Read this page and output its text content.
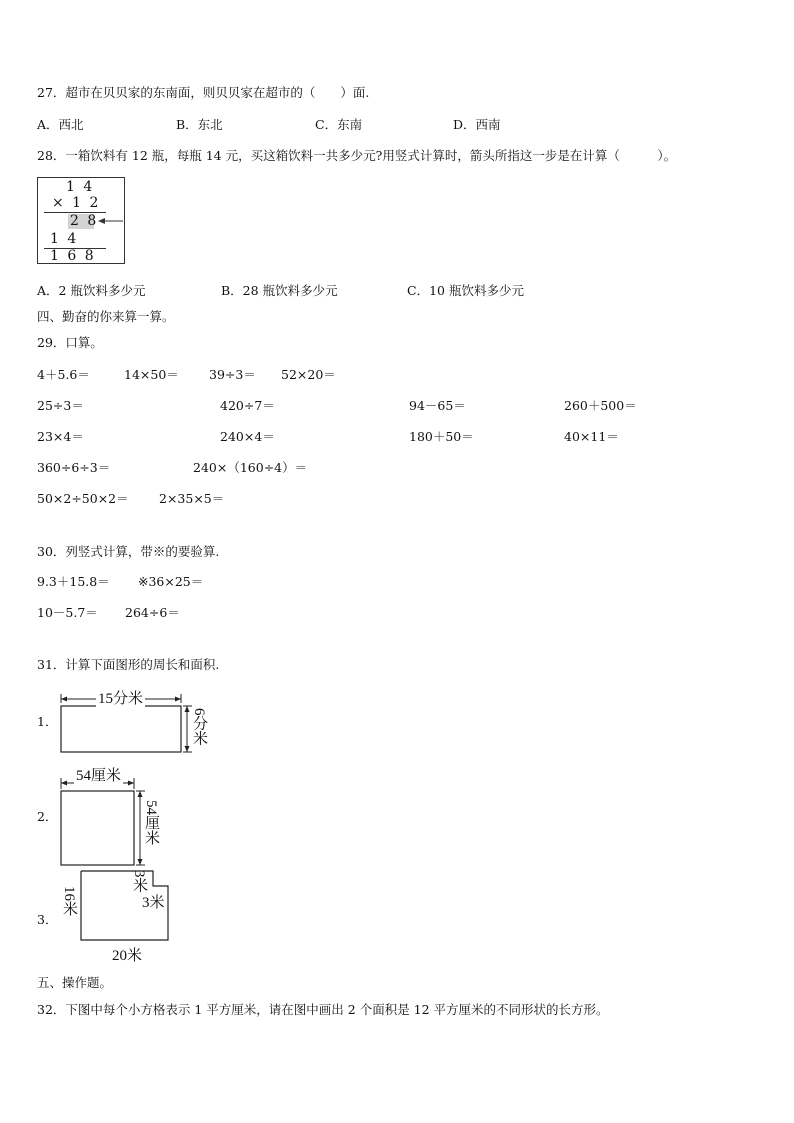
27．超市在贝贝家的东南面，则贝贝家在超市的（　　）面.
A．西北	B．东北	C．东南	D．西南
28．一箱饮料有 12 瓶，每瓶 14 元，买这箱饮料一共多少元?用竖式计算时，箭头所指这一步是在计算（　　　）。
1 4
× 1 2
2 8
1 4
1 6 8
A．2 瓶饮料多少元	B．28 瓶饮料多少元	C．10 瓶饮料多少元
四、勤奋的你来算一算。
29．口算。
4＋5.6＝	14×50＝ 39÷3＝ 52×20＝
25÷3＝	420÷7＝	94－65＝	260＋500＝
23×4＝	240×4＝	180＋50＝	40×11＝
360÷6÷3＝	240×（160÷4）＝
50×2÷50×2＝ 2×35×5＝
30．列竖式计算，带※的要验算.
9.3＋15.8＝ ※36×25＝
10－5.7＝ 264÷6＝
31．计算下面图形的周长和面积.
1．
15分米
6分米
2．
54厘米
54厘米
3．
16米
3米
3米
20米
五、操作题。
32．下图中每个小方格表示 1 平方厘米，请在图中画出 2 个面积是 12 平方厘米的不同形状的长方形。
